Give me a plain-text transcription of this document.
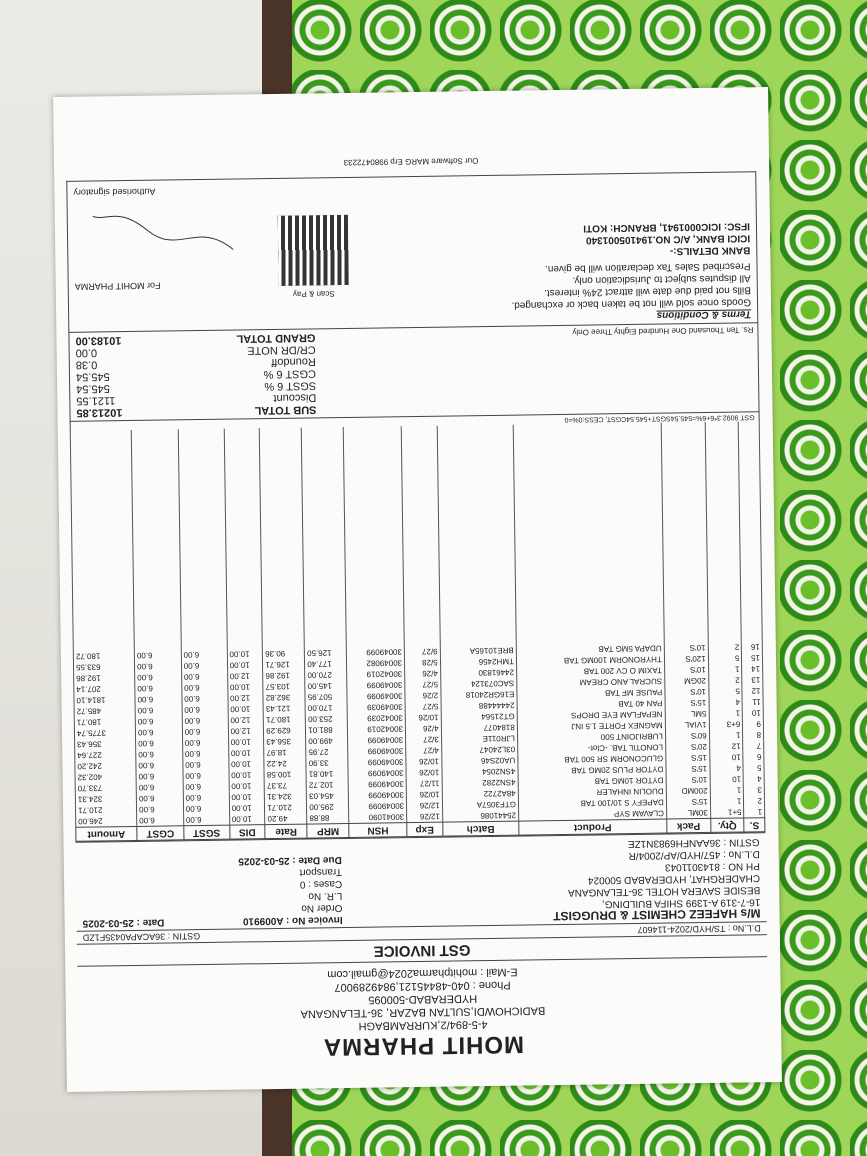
MOHIT PHARMA
4-5-894/2,KURRAMBAGH
BADICHOWDI,SULTAN BAZAR, 36-TELANGANA
HYDERABAD-500095
Phone : 040-48445121,9849289007
E-Mail : mohitpharma2024@gmail.com
GST INVOICE
D.L.No : TS/HYD/2024-114607
GSTIN : 36ACAPA0435F1ZD
M/s HAFEEZ CHEMIST & DRUGGIST
16-7-319 A-1399 SHIFA BUILDING,
BESIDE SAVERA HOTEL 36-TELANGANA
CHADERGHAT, HYDERABAD 500024
PH NO : 8143011043
D.L.No : 457/HYD/AP/2004/R
GSTIN : 36AANFH6983N1ZE
Invoice No : A009910
Date : 25-03-2025
Order No
L.R. No
Cases : 0
Transport
Due Date : 25-03-2025
S.	Qty.	Pack	Product	Batch	Exp	HSN	MRP	Rate	DIS	SGST	CGST	Amount
1	5+1	30ML	CLAVAM SYP	25441086	12/26	30041090	88.88	49.20	10.00	6.00	6.00	246.00
2	1	15'S	DAPEFY S 10/100 TAB	GTF3057A	12/26	30049099	295.00	210.71	10.00	6.00	6.00	210.71
3	1	200MD	DUOLIN INHALER	48A2722	10/26	30049099	454.03	324.31	10.00	6.00	6.00	324.31
4	10	10'S	DYTOR 10MG TAB	4SN2282	11/27	30049099	102.72	73.37	10.00	6.00	6.00	733.70
5	4	15'S	DYTOR PLUS 20MG TAB	4SN2054	10/26	30049099	140.81	100.58	10.00	6.00	6.00	402.32
6	10	15'S	GLUCONORM SR 500 TAB	UA02S46	10/26	30049099	33.90	24.22	10.00	6.00	6.00	242.20
7	12	20'S	LONOTIL TAB. -Clot-	03L24047	4/27	30049099	27.95	18.97	10.00	6.00	6.00	227.64
8	1	60'S	LUBRIJOINT 500	LJR011E	3/27	30049099	499.00	356.43	10.00	6.00	6.00	356.43
9	6+3	1VIAL	MAGNEX FORTE 1.5 INJ	8184077	4/26	30042019	881.01	629.29	12.00	6.00	6.00	3775.74
10	1	5ML	NEPAFLAM EYE DROPS	GT21564	10/26	30042039	253.00	180.71	12.00	6.00	6.00	180.71
11	4	15'S	PAN 40 TAB	24444488	5/27	30049039	170.00	121.43	10.00	6.00	6.00	485.72
12	5	10'S	PAUSE MF TAB	E16GR24018	2/26	30049099	507.95	362.82	12.00	6.00	6.00	1814.10
13	2	20GM	SUCRAL ANO CREAM	SAC073124	5/27	30049099	145.00	103.57	10.00	6.00	6.00	207.14
14	1	10'S	TAXIM O CV 200 TAB	24461830	4/26	30042019	270.00	192.86	12.00	6.00	6.00	192.86
15	5	120'S	THYRONORM 100MG TAB	TMH2456	5/28	30049082	177.40	126.71	10.00	6.00	6.00	633.55
16	2	10'S	UDAPA 5MG TAB	BRE10165A	9/27	30049099	126.50	90.36	10.00	6.00	6.00	180.72

GST 9092.3*6+6%=545.54SGST+545.54CGST, CESS:0%=0
Rs. Ten Thousand One Hundred Eighty Three Only
SUB TOTAL
10213.85
Discount
1121.55
SGST 6 %
545.54
CGST 6 %
545.54
Roundoff
0.38
CR/DR NOTE
0.00
GRAND TOTAL
10183.00
Terms & Conditions
Goods once sold will not be taken back or exchanged.
Bills not paid due date will attract 24% interest.
All disputes subject to Jurisdication only.
Prescribed Sales Tax declaration will be given.
BANK DETAILS:-
ICICI BANK, A/C NO.194105001340
IFSC: ICIC0001941, BRANCH: KOTI
Scan & Pay
For MOHIT PHARMA
Authorised signatory
Our Software MARG Erp 9980472233
